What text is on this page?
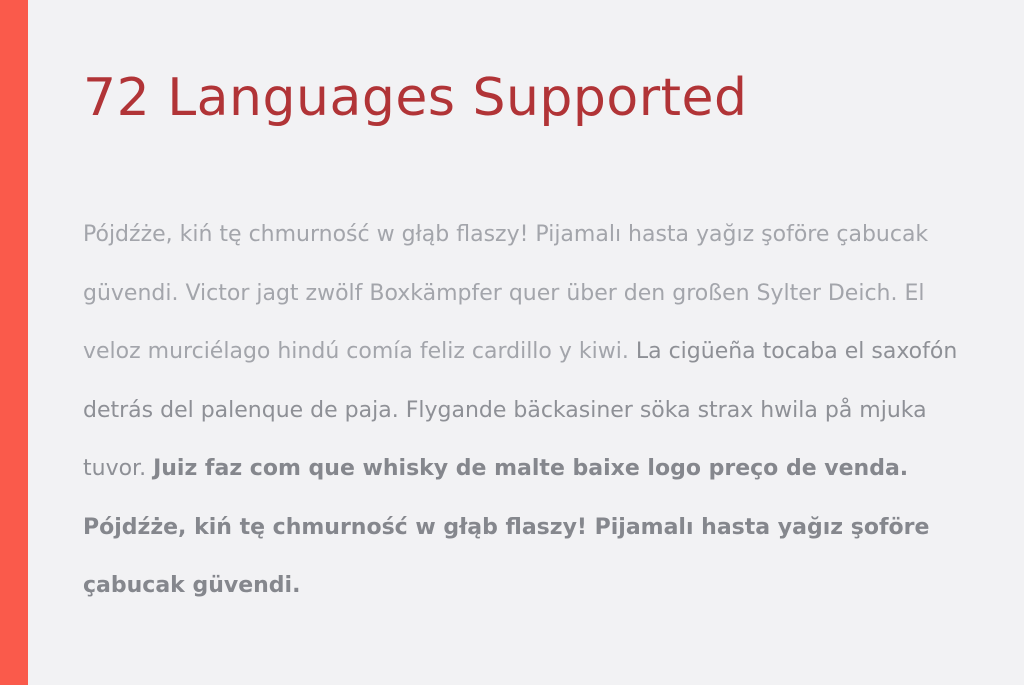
72 Languages Supported

Pójdźże, kiń tę chmurność w głąb flaszy! Pijamalı hasta yağız şoföre çabucak güvendi. Victor jagt zwölf Boxkämpfer quer über den großen Sylter Deich. El veloz murciélago hindú comía feliz cardillo y kiwi. La cigüeña tocaba el saxofón detrás del palenque de paja. Flygande bäckasiner söka strax hwila på mjuka tuvor. Juiz faz com que whisky de malte baixe logo preço de venda. Pójdźże, kiń tę chmurność w głąb flaszy! Pijamalı hasta yağız şoföre çabucak güvendi.
